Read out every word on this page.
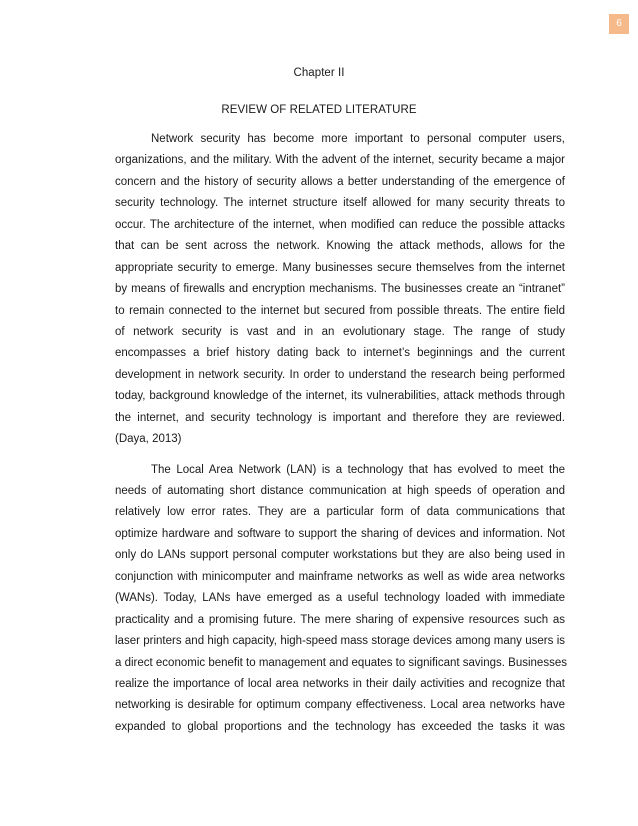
6
Chapter II
REVIEW OF RELATED LITERATURE

Network security has become more important to personal computer users,
organizations, and the military. With the advent of the internet, security became a major
concern and the history of security allows a better understanding of the emergence of
security technology. The internet structure itself allowed for many security threats to
occur. The architecture of the internet, when modified can reduce the possible attacks
that can be sent across the network. Knowing the attack methods, allows for the
appropriate security to emerge. Many businesses secure themselves from the internet
by means of firewalls and encryption mechanisms. The businesses create an “intranet”
to remain connected to the internet but secured from possible threats. The entire field
of network security is vast and in an evolutionary stage. The range of study
encompasses a brief history dating back to internet’s beginnings and the current
development in network security. In order to understand the research being performed
today, background knowledge of the internet, its vulnerabilities, attack methods through
the internet, and security technology is important and therefore they are reviewed.
(Daya, 2013)

The Local Area Network (LAN) is a technology that has evolved to meet the
needs of automating short distance communication at high speeds of operation and
relatively low error rates. They are a particular form of data communications that
optimize hardware and software to support the sharing of devices and information. Not
only do LANs support personal computer workstations but they are also being used in
conjunction with minicomputer and mainframe networks as well as wide area networks
(WANs). Today, LANs have emerged as a useful technology loaded with immediate
practicality and a promising future. The mere sharing of expensive resources such as
laser printers and high capacity, high-speed mass storage devices among many users is
a direct economic benefit to management and equates to significant savings. Businesses
realize the importance of local area networks in their daily activities and recognize that
networking is desirable for optimum company effectiveness. Local area networks have
expanded to global proportions and the technology has exceeded the tasks it was
